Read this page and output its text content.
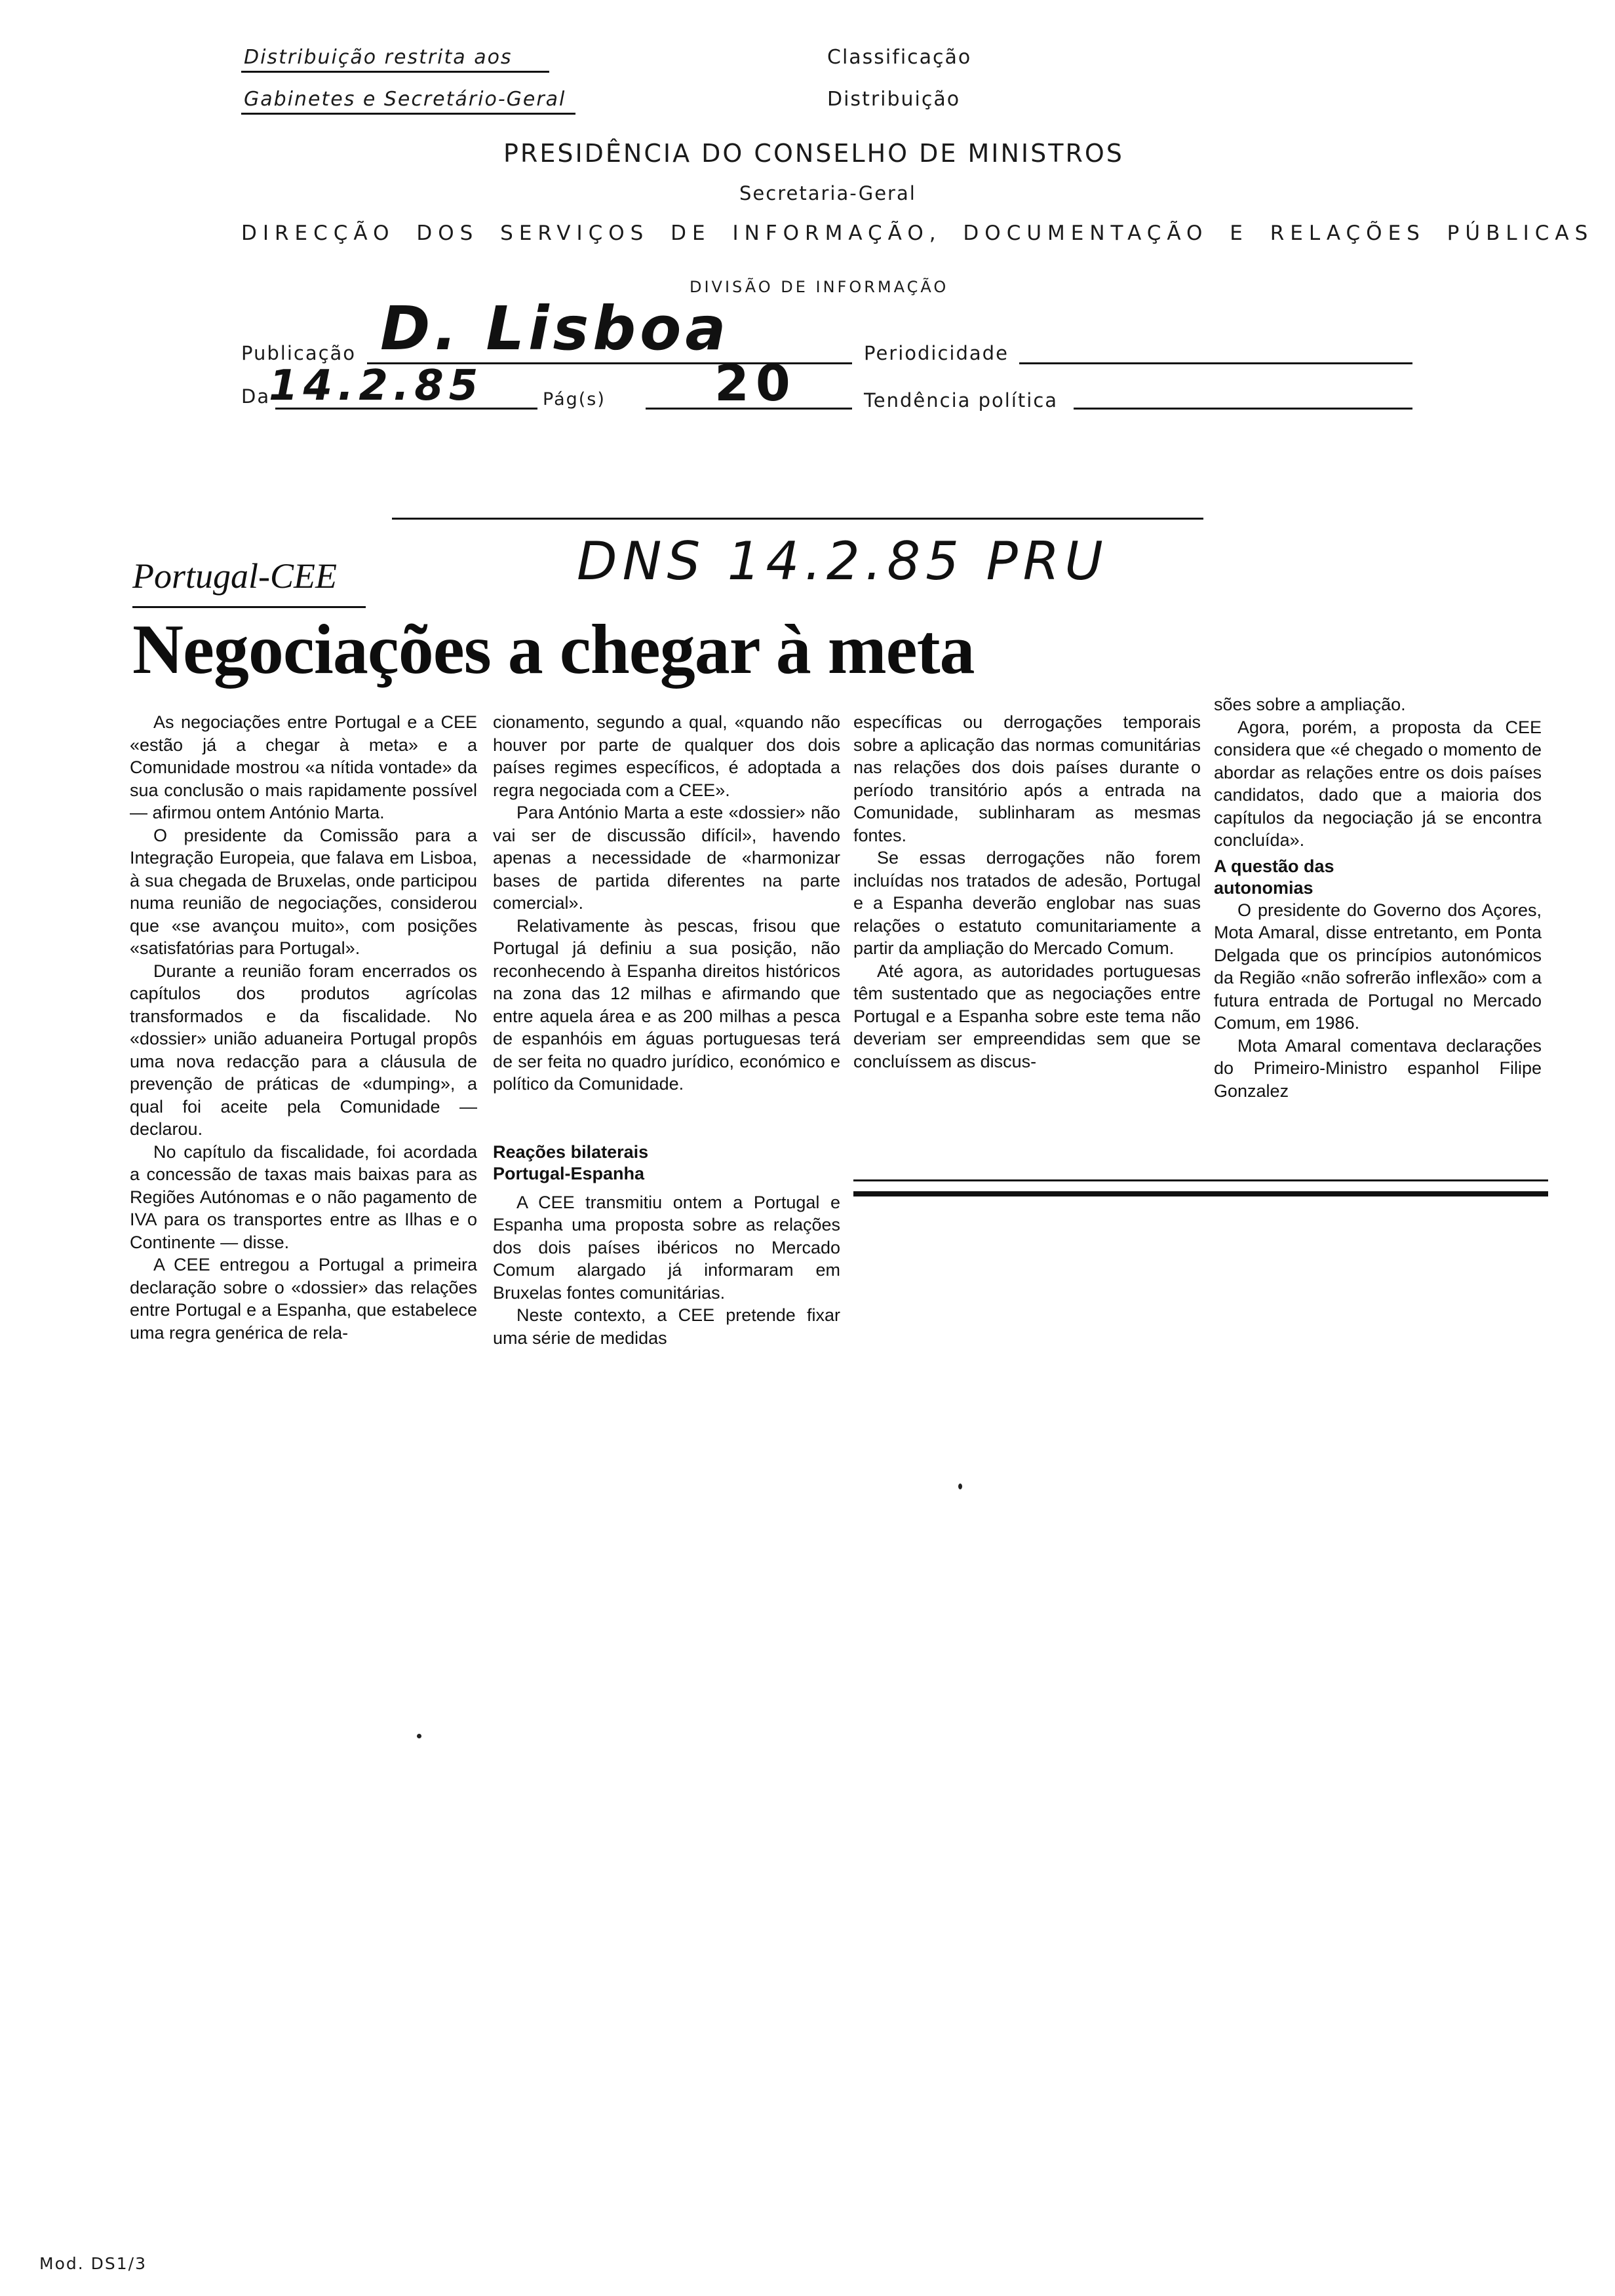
Distribuição restrita aos
Gabinetes e Secretário-Geral
Classificação
Distribuição
PRESIDÊNCIA DO CONSELHO DE MINISTROS
Secretaria-Geral
DIRECÇÃO DOS SERVIÇOS DE INFORMAÇÃO, DOCUMENTAÇÃO E RELAÇÕES PÚBLICAS
DIVISÃO DE INFORMAÇÃO
Publicação D. Lisboa
Da
14.2.85	Pág(s) 20
Periodicidade
Tendência política
DNS 14.2.85 PRU
Portugal-CEE
Negociações a chegar à meta

As negociações entre Portugal e a CEE «estão já a chegar à meta» e a Comunidade mostrou «a nítida vontade» da sua conclusão o mais rapidamente possível — afirmou ontem António Marta.

O presidente da Comissão para a Integração Europeia, que falava em Lisboa, à sua chegada de Bruxelas, onde participou numa reunião de negociações, considerou que «se avançou muito», com posições «satisfatórias para Portugal».

Durante a reunião foram encerrados os capítulos dos produtos agrícolas transformados e da fiscalidade. No «dossier» união aduaneira Portugal propôs uma nova redacção para a cláusula de prevenção de práticas de «dumping», a qual foi aceite pela Comunidade — declarou.

No capítulo da fiscalidade, foi acordada a concessão de taxas mais baixas para as Regiões Autónomas e o não pagamento de IVA para os transportes entre as Ilhas e o Continente — disse.

A CEE entregou a Portugal a primeira declaração sobre o «dossier» das relações entre Portugal e a Espanha, que estabelece uma regra genérica de rela-

cionamento, segundo a qual, «quando não houver por parte de qualquer dos dois países regimes específicos, é adoptada a regra negociada com a CEE».

Para António Marta a este «dossier» não vai ser de discussão difícil», havendo apenas a necessidade de «harmonizar bases de partida diferentes na parte comercial».

Relativamente às pescas, frisou que Portugal já definiu a sua posição, não reconhecendo à Espanha direitos históricos na zona das 12 milhas e afirmando que entre aquela área e as 200 milhas a pesca de espanhóis em águas portuguesas terá de ser feita no quadro jurídico, económico e político da Comunidade.

Reações bilaterais Portugal-Espanha

A CEE transmitiu ontem a Portugal e Espanha uma proposta sobre as relações dos dois países ibéricos no Mercado Comum alargado já informaram em Bruxelas fontes comunitárias.

Neste contexto, a CEE pretende fixar uma série de medidas

específicas ou derrogações temporais sobre a aplicação das normas comunitárias nas relações dos dois países durante o período transitório após a entrada na Comunidade, sublinharam as mesmas fontes.

Se essas derrogações não forem incluídas nos tratados de adesão, Portugal e a Espanha deverão englobar nas suas relações o estatuto comunitariamente a partir da ampliação do Mercado Comum.

Até agora, as autoridades portuguesas têm sustentado que as negociações entre Portugal e a Espanha sobre este tema não deveriam ser empreendidas sem que se concluíssem as discus-

sões sobre a ampliação.

Agora, porém, a proposta da CEE considera que «é chegado o momento de abordar as relações entre os dois países candidatos, dado que a maioria dos capítulos da negociação já se encontra concluída».

A questão das autonomias

O presidente do Governo dos Açores, Mota Amaral, disse entretanto, em Ponta Delgada que os princípios autonómicos da Região «não sofrerão inflexão» com a futura entrada de Portugal no Mercado Comum, em 1986.

Mota Amaral comentava declarações do Primeiro-Ministro espanhol Filipe Gonzalez

Mod. DS1/3
